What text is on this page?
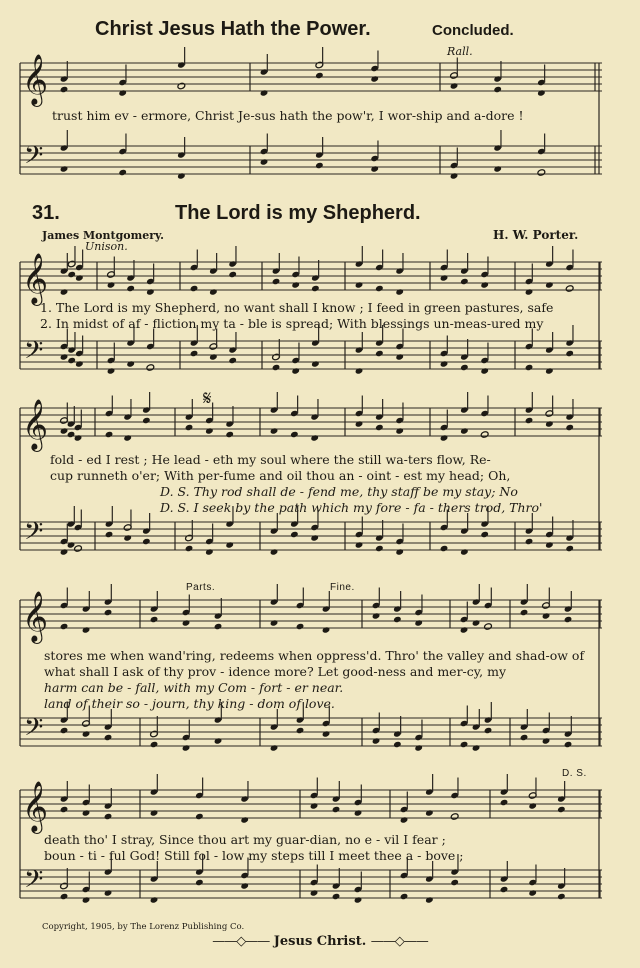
𝄞
𝄢
𝄞
𝄢
𝄞
𝄢
𝄞
𝄢
𝄞
𝄢
𝄋
Christ Jesus Hath the Power.	Concluded.
Rall.
trust him ev - ermore, Christ Je-sus hath the pow'r, I wor-ship and a-dore !
31.	The Lord is my Shepherd.
James Montgomery.	H. W. Porter.
Unison.
1. The Lord is my Shepherd, no want shall I know ; I feed in green pastures, safe
2. In midst of af - fliction my ta - ble is spread; With blessings un-meas-ured my
fold - ed I rest ; He lead - eth my soul where the still wa-ters flow, Re-
cup runneth o'er; With per-fume and oil thou an - oint - est my head; Oh,
D. S. Thy rod shall de - fend me, thy staff be my stay; No
D. S. I seek by the path which my fore - fa - thers trod, Thro'
Parts.	Fine.
stores me when wand'ring, redeems when oppress'd. Thro' the valley and shad-ow of
what shall I ask of thy prov - idence more? Let good-ness and mer-cy, my
harm can be - fall, with my Com - fort - er near.
land of their so - journ, thy king - dom of love.
D. S.
death tho' I stray, Since thou art my guar-dian, no e - vil I fear ;
boun - ti - ful God! Still fol - low my steps till I meet thee a - bove ;
Copyright, 1905, by The Lorenz Publishing Co.
——◇—— Jesus Christ. ——◇——
